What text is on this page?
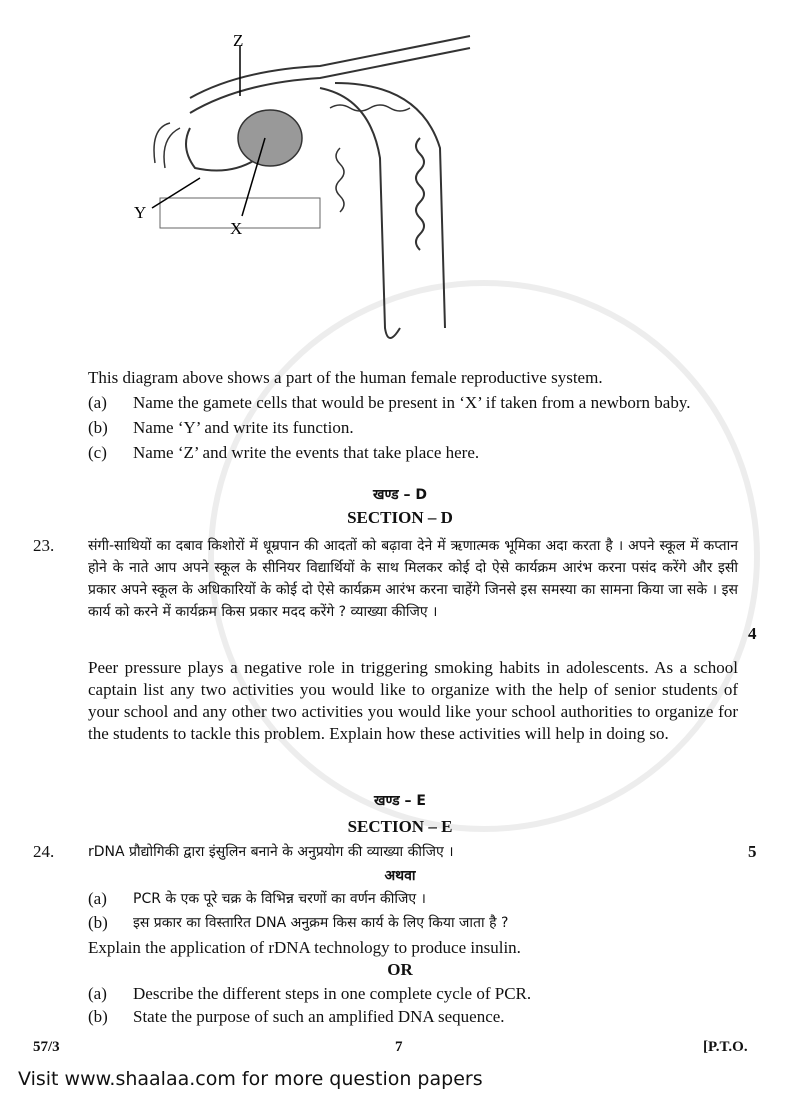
Z
Y
X
This diagram above shows a part of the human female reproductive system.
(a) Name the gamete cells that would be present in ‘X’ if taken from a newborn baby.
(b) Name ‘Y’ and write its function.
(c) Name ‘Z’ and write the events that take place here.
खण्ड – D
SECTION – D
23. संगी-साथियों का दबाव किशोरों में धूम्रपान की आदतों को बढ़ावा देने में ऋणात्मक भूमिका अदा करता है । अपने स्कूल में कप्तान होने के नाते आप अपने स्कूल के सीनियर विद्यार्थियों के साथ मिलकर कोई दो ऐसे कार्यक्रम आरंभ करना पसंद करेंगे और इसी प्रकार अपने स्कूल के अधिकारियों के कोई दो ऐसे कार्यक्रम आरंभ करना चाहेंगे जिनसे इस समस्या का सामना किया जा सके । इस कार्य को करने में कार्यक्रम किस प्रकार मदद करेंगे ? व्याख्या कीजिए ।
4
Peer pressure plays a negative role in triggering smoking habits in adolescents. As a school captain list any two activities you would like to organize with the help of senior students of your school and any other two activities you would like your school authorities to organize for the students to tackle this problem. Explain how these activities will help in doing so.
खण्ड – E
SECTION – E
24. rDNA प्रौद्योगिकी द्वारा इंसुलिन बनाने के अनुप्रयोग की व्याख्या कीजिए ।	5
अथवा
(a) PCR के एक पूरे चक्र के विभिन्न चरणों का वर्णन कीजिए ।
(b) इस प्रकार का विस्तारित DNA अनुक्रम किस कार्य के लिए किया जाता है ?
Explain the application of rDNA technology to produce insulin.
OR
(a) Describe the different steps in one complete cycle of PCR.
(b) State the purpose of such an amplified DNA sequence.
57/3	7	[P.T.O.
Visit www.shaalaa.com for more question papers
